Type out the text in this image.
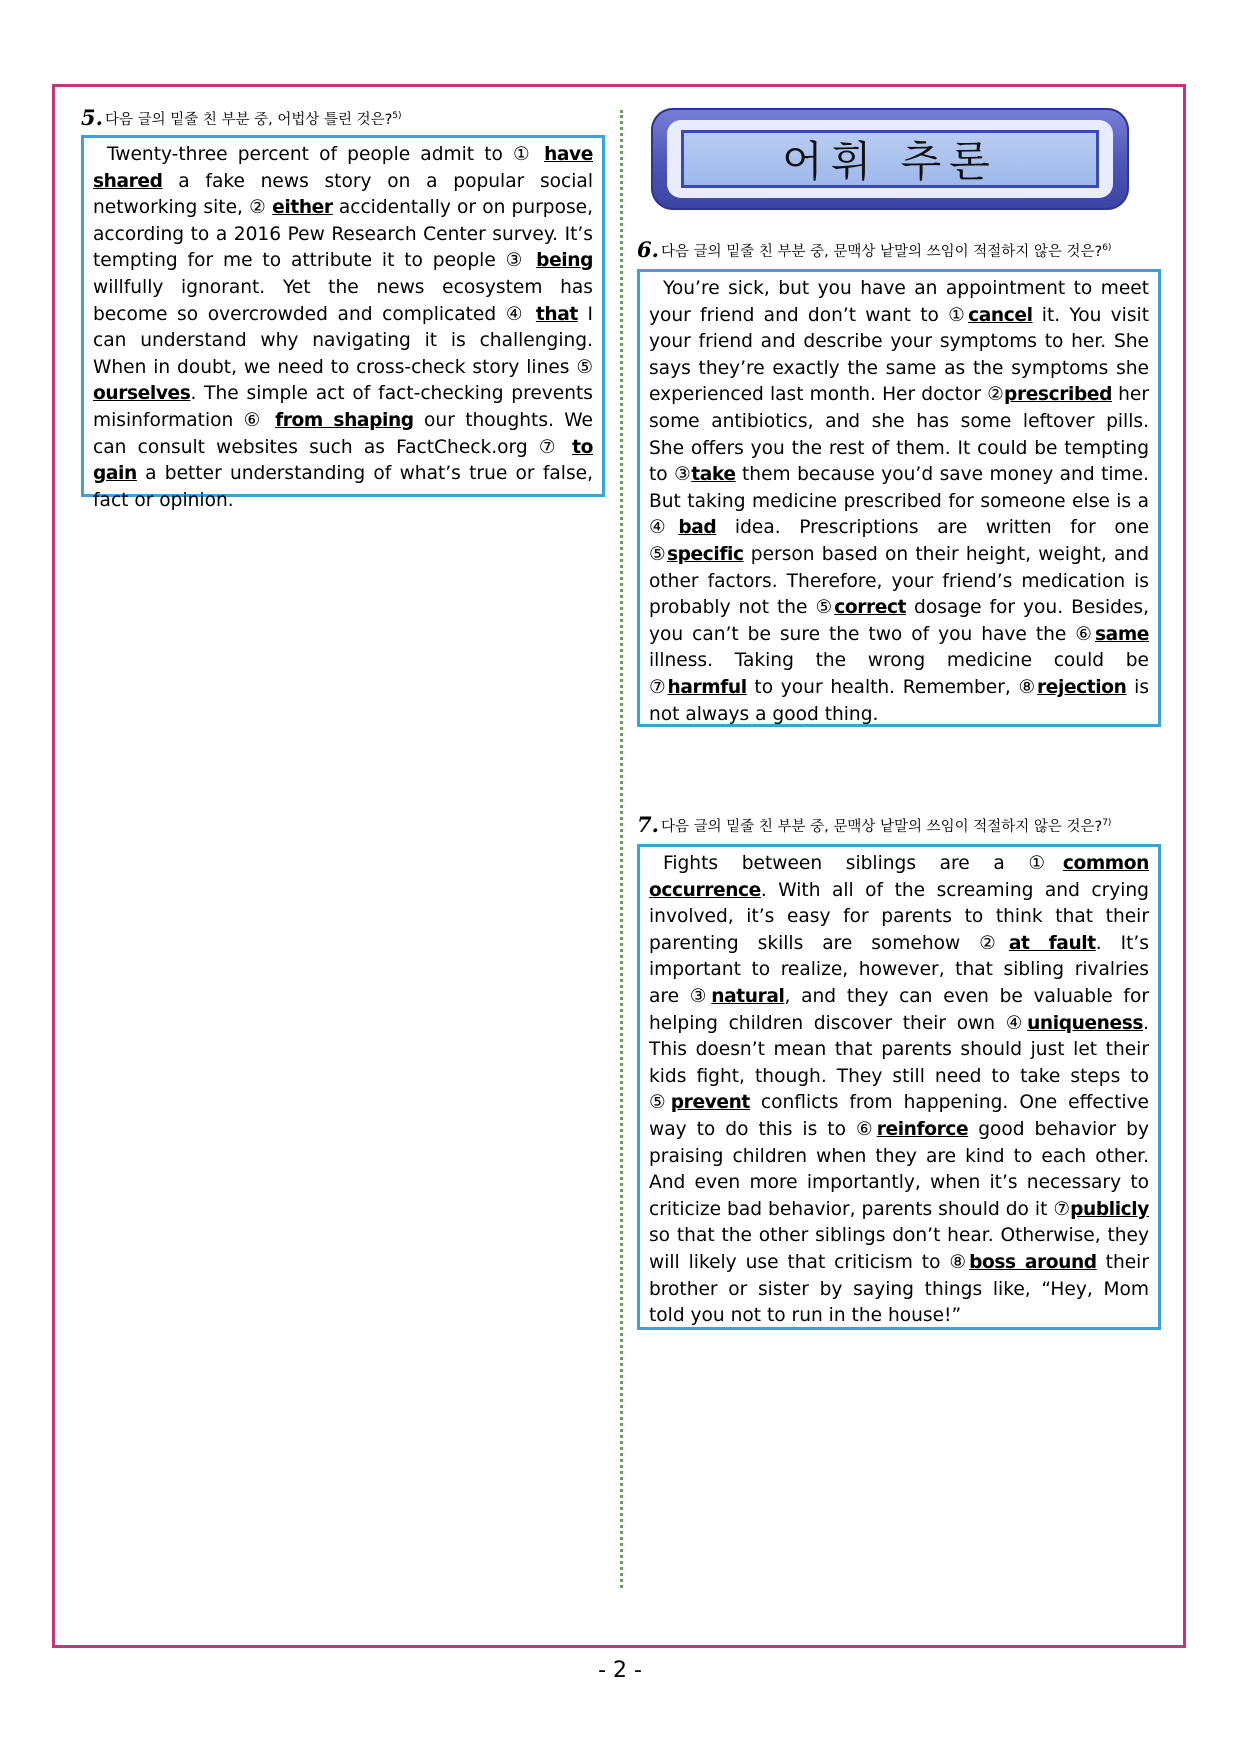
5. 다음 글의 밑줄 친 부분 중, 어법상 틀린 것은?$^{5)}$

Twenty-three percent of people admit to ① have shared a fake news story on a popular social networking site, ② either accidentally or on purpose, according to a 2016 Pew Research Center survey. It’s tempting for me to attribute it to people ③ being willfully ignorant. Yet the news ecosystem has become so overcrowded and complicated ④ that I can understand why navigating it is challenging. When in doubt, we need to cross-check story lines ⑤ ourselves. The simple act of fact-checking prevents misinformation ⑥ from shaping our thoughts. We can consult websites such as FactCheck.org ⑦ to gain a better understanding of what’s true or false, fact or opinion.

어휘 추론
6. 다음 글의 밑줄 친 부분 중, 문맥상 낱말의 쓰임이 적절하지 않은 것은?$^{6)}$

You’re sick, but you have an appointment to meet your friend and don’t want to ①cancel it. You visit your friend and describe your symptoms to her. She says they’re exactly the same as the symptoms she experienced last month. Her doctor ②prescribed her some antibiotics, and she has some leftover pills. She offers you the rest of them. It could be tempting to ③take them because you’d save money and time. But taking medicine prescribed for someone else is a ④bad idea. Prescriptions are written for one ⑤specific person based on their height, weight, and other factors. Therefore, your friend’s medication is probably not the ⑤correct dosage for you. Besides, you can’t be sure the two of you have the ⑥same illness. Taking the wrong medicine could be ⑦harmful to your health. Remember, ⑧rejection is not always a good thing.

7. 다음 글의 밑줄 친 부분 중, 문맥상 낱말의 쓰임이 적절하지 않은 것은?$^{7)}$

Fights between siblings are a ①common occurrence. With all of the screaming and crying involved, it’s easy for parents to think that their parenting skills are somehow ②at fault. It’s important to realize, however, that sibling rivalries are ③natural, and they can even be valuable for helping children discover their own ④uniqueness. This doesn’t mean that parents should just let their kids fight, though. They still need to take steps to ⑤prevent conflicts from happening. One effective way to do this is to ⑥reinforce good behavior by praising children when they are kind to each other. And even more importantly, when it’s necessary to criticize bad behavior, parents should do it ⑦publicly so that the other siblings don’t hear. Otherwise, they will likely use that criticism to ⑧boss around their brother or sister by saying things like, “Hey, Mom told you not to run in the house!”

- 2 -
